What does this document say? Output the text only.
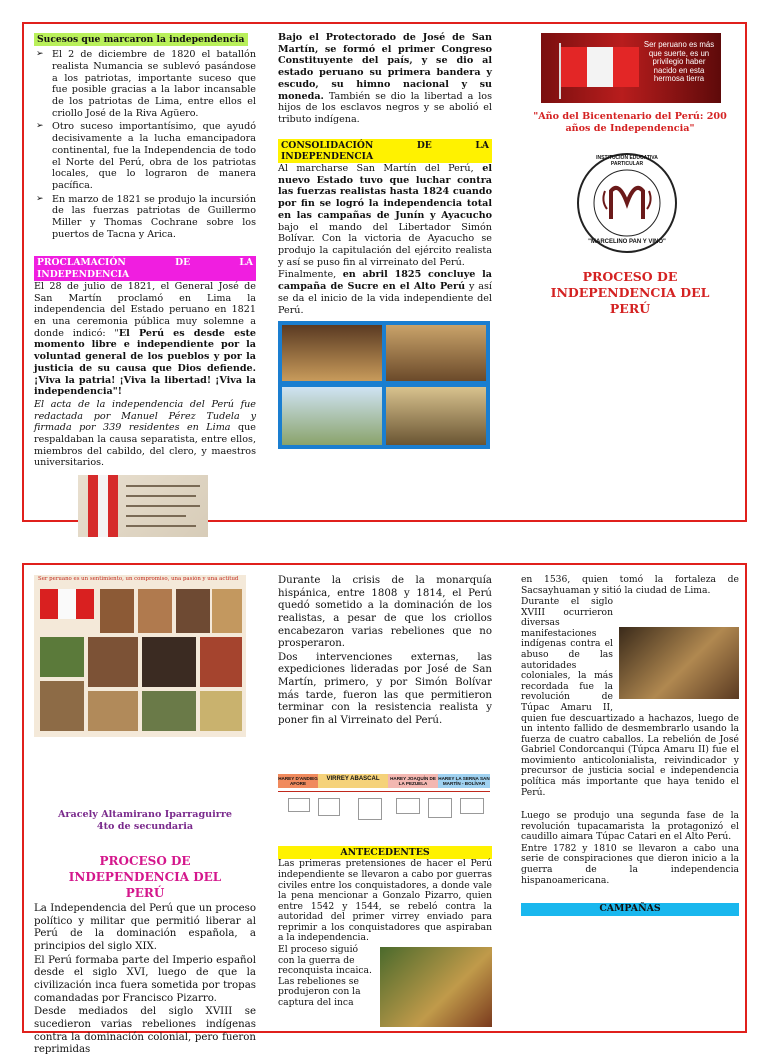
Sucesos que marcaron la independencia
➢ El 2 de diciembre de 1820 el batallón realista Numancia se sublevó pasándose a los patriotas, importante suceso que fue posible gracias a la labor incansable de los patriotas de Lima, entre ellos el criollo José de la Riva Agüero.
➢ Otro suceso importantísimo, que ayudó decisivamente a la lucha emancipadora continental, fue la Independencia de todo el Norte del Perú, obra de los patriotas locales, que lo lograron de manera pacífica.
➢ En marzo de 1821 se produjo la incursión de las fuerzas patriotas de Guillermo Miller y Thomas Cochrane sobre los puertos de Tacna y Arica.
PROCLAMACIÓN DE LA INDEPENDENCIA

El 28 de julio de 1821, el General José de San Martín proclamó en Lima la independencia del Estado peruano en 1821 en una ceremonia pública muy solemne a donde indicó: "El Perú es desde este momento libre e independiente por la voluntad general de los pueblos y por la justicia de su causa que Dios defiende. ¡Viva la patria! ¡Viva la libertad! ¡Viva la independencia"!

El acta de la independencia del Perú fue redactada por Manuel Pérez Tudela y firmada por 339 residentes en Lima que respaldaban la causa separatista, entre ellos, miembros del cabildo, del clero, y maestros universitarios.

Bajo el Protectorado de José de San Martín, se formó el primer Congreso Constituyente del país, y se dio al estado peruano su primera bandera y escudo, su himno nacional y su moneda. También se dio la libertad a los hijos de los esclavos negros y se abolió el tributo indígena.

CONSOLIDACIÓN DE LA INDEPENDENCIA

Al marcharse San Martín del Perú, el nuevo Estado tuvo que luchar contra las fuerzas realistas hasta 1824 cuando por fin se logró la independencia total en las campañas de Junín y Ayacucho bajo el mando del Libertador Simón Bolívar. Con la victoria de Ayacucho se produjo la capitulación del ejército realista y así se puso fin al virreinato del Perú.

Finalmente, en abril 1825 concluye la campaña de Sucre en el Alto Perú y así se da el inicio de la vida independiente del Perú.

Ser peruano es más que suerte, es un privilegio haber nacido en esta hermosa tierra
"Año del Bicentenario del Perú: 200 años de Independencia"
INSTITUCIÓN EDUCATIVA PARTICULAR
"MARCELINO PAN Y VINO"
PROCESO DE INDEPENDENCIA DEL PERÚ
Ser peruano es un sentimiento, un compromiso, una pasión y una actitud
Aracely Altamirano Iparraguirre
4to de secundaria
PROCESO DE INDEPENDENCIA DEL PERÚ

La Independencia del Perú que un proceso político y militar que permitió liberar al Perú de la dominación española, a principios del siglo XIX.

El Perú formaba parte del Imperio español desde el siglo XVI, luego de que la civilización inca fuera sometida por tropas comandadas por Francisco Pizarro.

Desde mediados del siglo XVIII se sucedieron varias rebeliones indígenas contra la dominación colonial, pero fueron reprimidas

Durante la crisis de la monarquía hispánica, entre 1808 y 1814, el Perú quedó sometido a la dominación de los realistas, a pesar de que los criollos encabezaron varias rebeliones que no prosperaron.

Dos intervenciones externas, las expediciones lideradas por José de San Martín, primero, y por Simón Bolívar más tarde, fueron las que permitieron terminar con la resistencia realista y poner fin al Virreinato del Perú.

HAREY D'ANDIEG AFORE
VIRREY ABASCAL	HAREY JOAQUÍN DE LA PEZUELA
HAREY LA SERNA SAN MARTÍN - BOLÍVAR
ANTECEDENTES

Las primeras pretensiones de hacer el Perú independiente se llevaron a cabo por guerras civiles entre los conquistadores, a donde vale la pena mencionar a Gonzalo Pizarro, quien entre 1542 y 1544, se rebeló contra la autoridad del primer virrey enviado para reprimir a los conquistadores que aspiraban a la independencia.

El proceso siguió con la guerra de reconquista incaica. Las rebeliones se produjeron con la captura del inca

en 1536, quien tomó la fortaleza de Sacsayhuaman y sitió la ciudad de Lima.

Durante el siglo XVIII ocurrieron diversas manifestaciones indígenas contra el abuso de las autoridades coloniales, la más recordada fue la revolución de Túpac Amaru II, quien fue descuartizado a hachazos, luego de un intento fallido de desmembrarlo usando la fuerza de cuatro caballos. La rebelión de José Gabriel Condorcanqui (Túpca Amaru II) fue el movimiento anticolonialista, reivindicador y precursor de justicia social e independencia política más importante que haya tenido el Perú.

Luego se produjo una segunda fase de la revolución tupacamarista la protagonizó el caudillo aimara Túpac Catari en el Alto Perú.

Entre 1782 y 1810 se llevaron a cabo una serie de conspiraciones que dieron inicio a la guerra de la independencia hispanoamericana.

CAMPAÑAS
